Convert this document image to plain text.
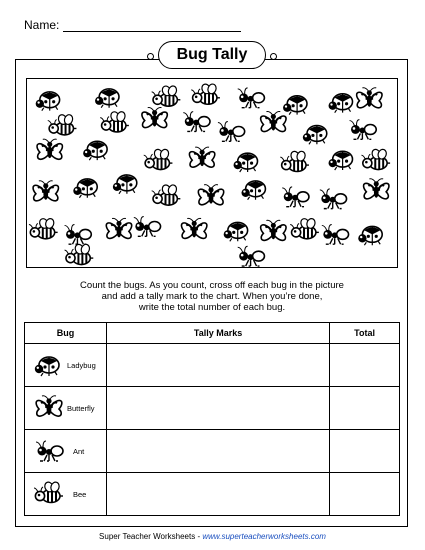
Name:
Bug Tally
Count the bugs. As you count, cross off each bug in the picture
and add a tally mark to the chart. When you’re done,
write the total number of each bug.
Bug	Tally Marks	Total

Ladybug		

Butterfly		

Ant		

Bee		

Super Teacher Worksheets - www.superteacherworksheets.com
